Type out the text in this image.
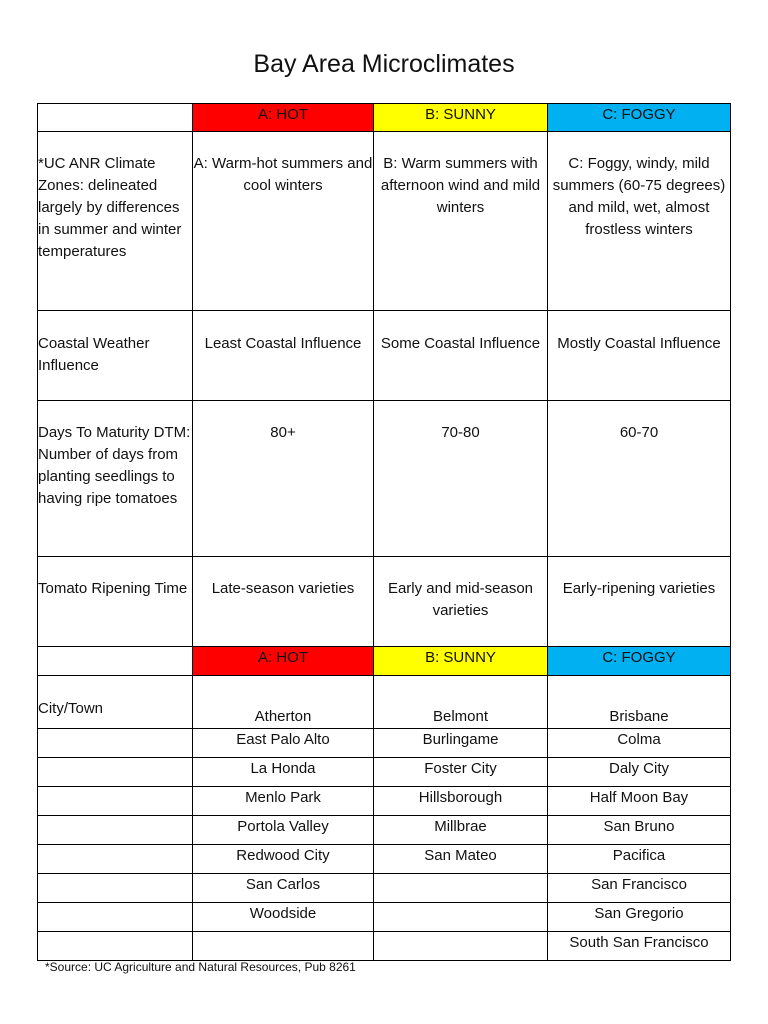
Bay Area Microclimates
	A: HOT	B: SUNNY	C: FOGGY
*UC ANR Climate Zones: delineated largely by differences in summer and winter temperatures	A: Warm-hot summers and cool winters	B: Warm summers with afternoon wind and mild winters	C: Foggy, windy, mild summers (60-75 degrees) and mild, wet, almost frostless winters
Coastal Weather Influence	Least Coastal Influence	Some Coastal Influence	Mostly Coastal Influence
Days To Maturity DTM: Number of days from planting seedlings to having ripe tomatoes	80+	70-80	60-70
Tomato Ripening Time	Late-season varieties	Early and mid-season varieties	Early-ripening varieties
	A: HOT	B: SUNNY	C: FOGGY
City/Town	Atherton	Belmont	Brisbane
	East Palo Alto	Burlingame	Colma
	La Honda	Foster City	Daly City
	Menlo Park	Hillsborough	Half Moon Bay
	Portola Valley	Millbrae	San Bruno
	Redwood City	San Mateo	Pacifica
	San Carlos		San Francisco
	Woodside		San Gregorio
			South San Francisco
*Source: UC Agriculture and Natural Resources, Pub 8261
